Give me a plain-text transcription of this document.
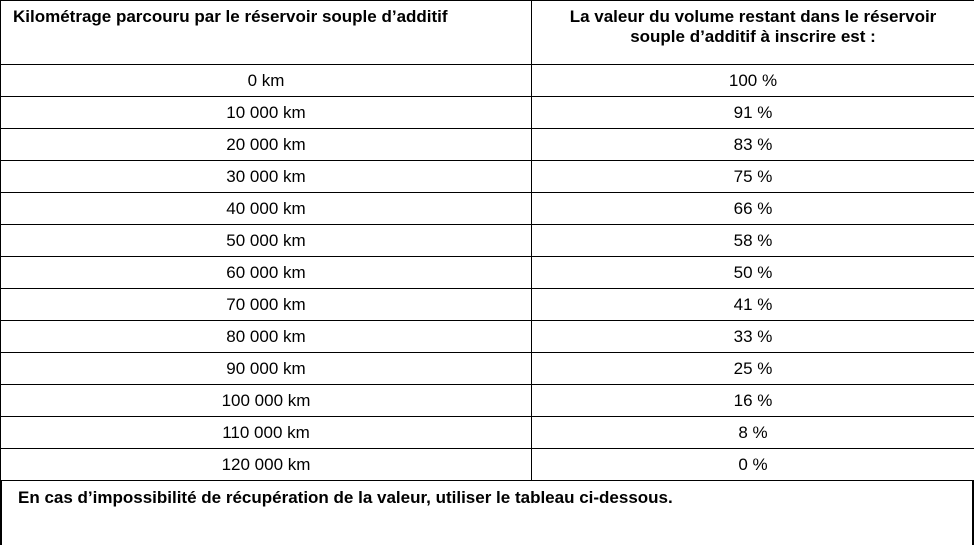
Kilométrage parcouru par le réservoir souple d’additif	La valeur du volume restant dans le réservoir souple d’additif à inscrire est :
0 km	100 %
10 000 km	91 %
20 000 km	83 %
30 000 km	75 %
40 000 km	66 %
50 000 km	58 %
60 000 km	50 %
70 000 km	41 %
80 000 km	33 %
90 000 km	25 %
100 000 km	16 %
110 000 km	8 %
120 000 km	0 %
En cas d’impossibilité de récupération de la valeur, utiliser le tableau ci-dessous.
